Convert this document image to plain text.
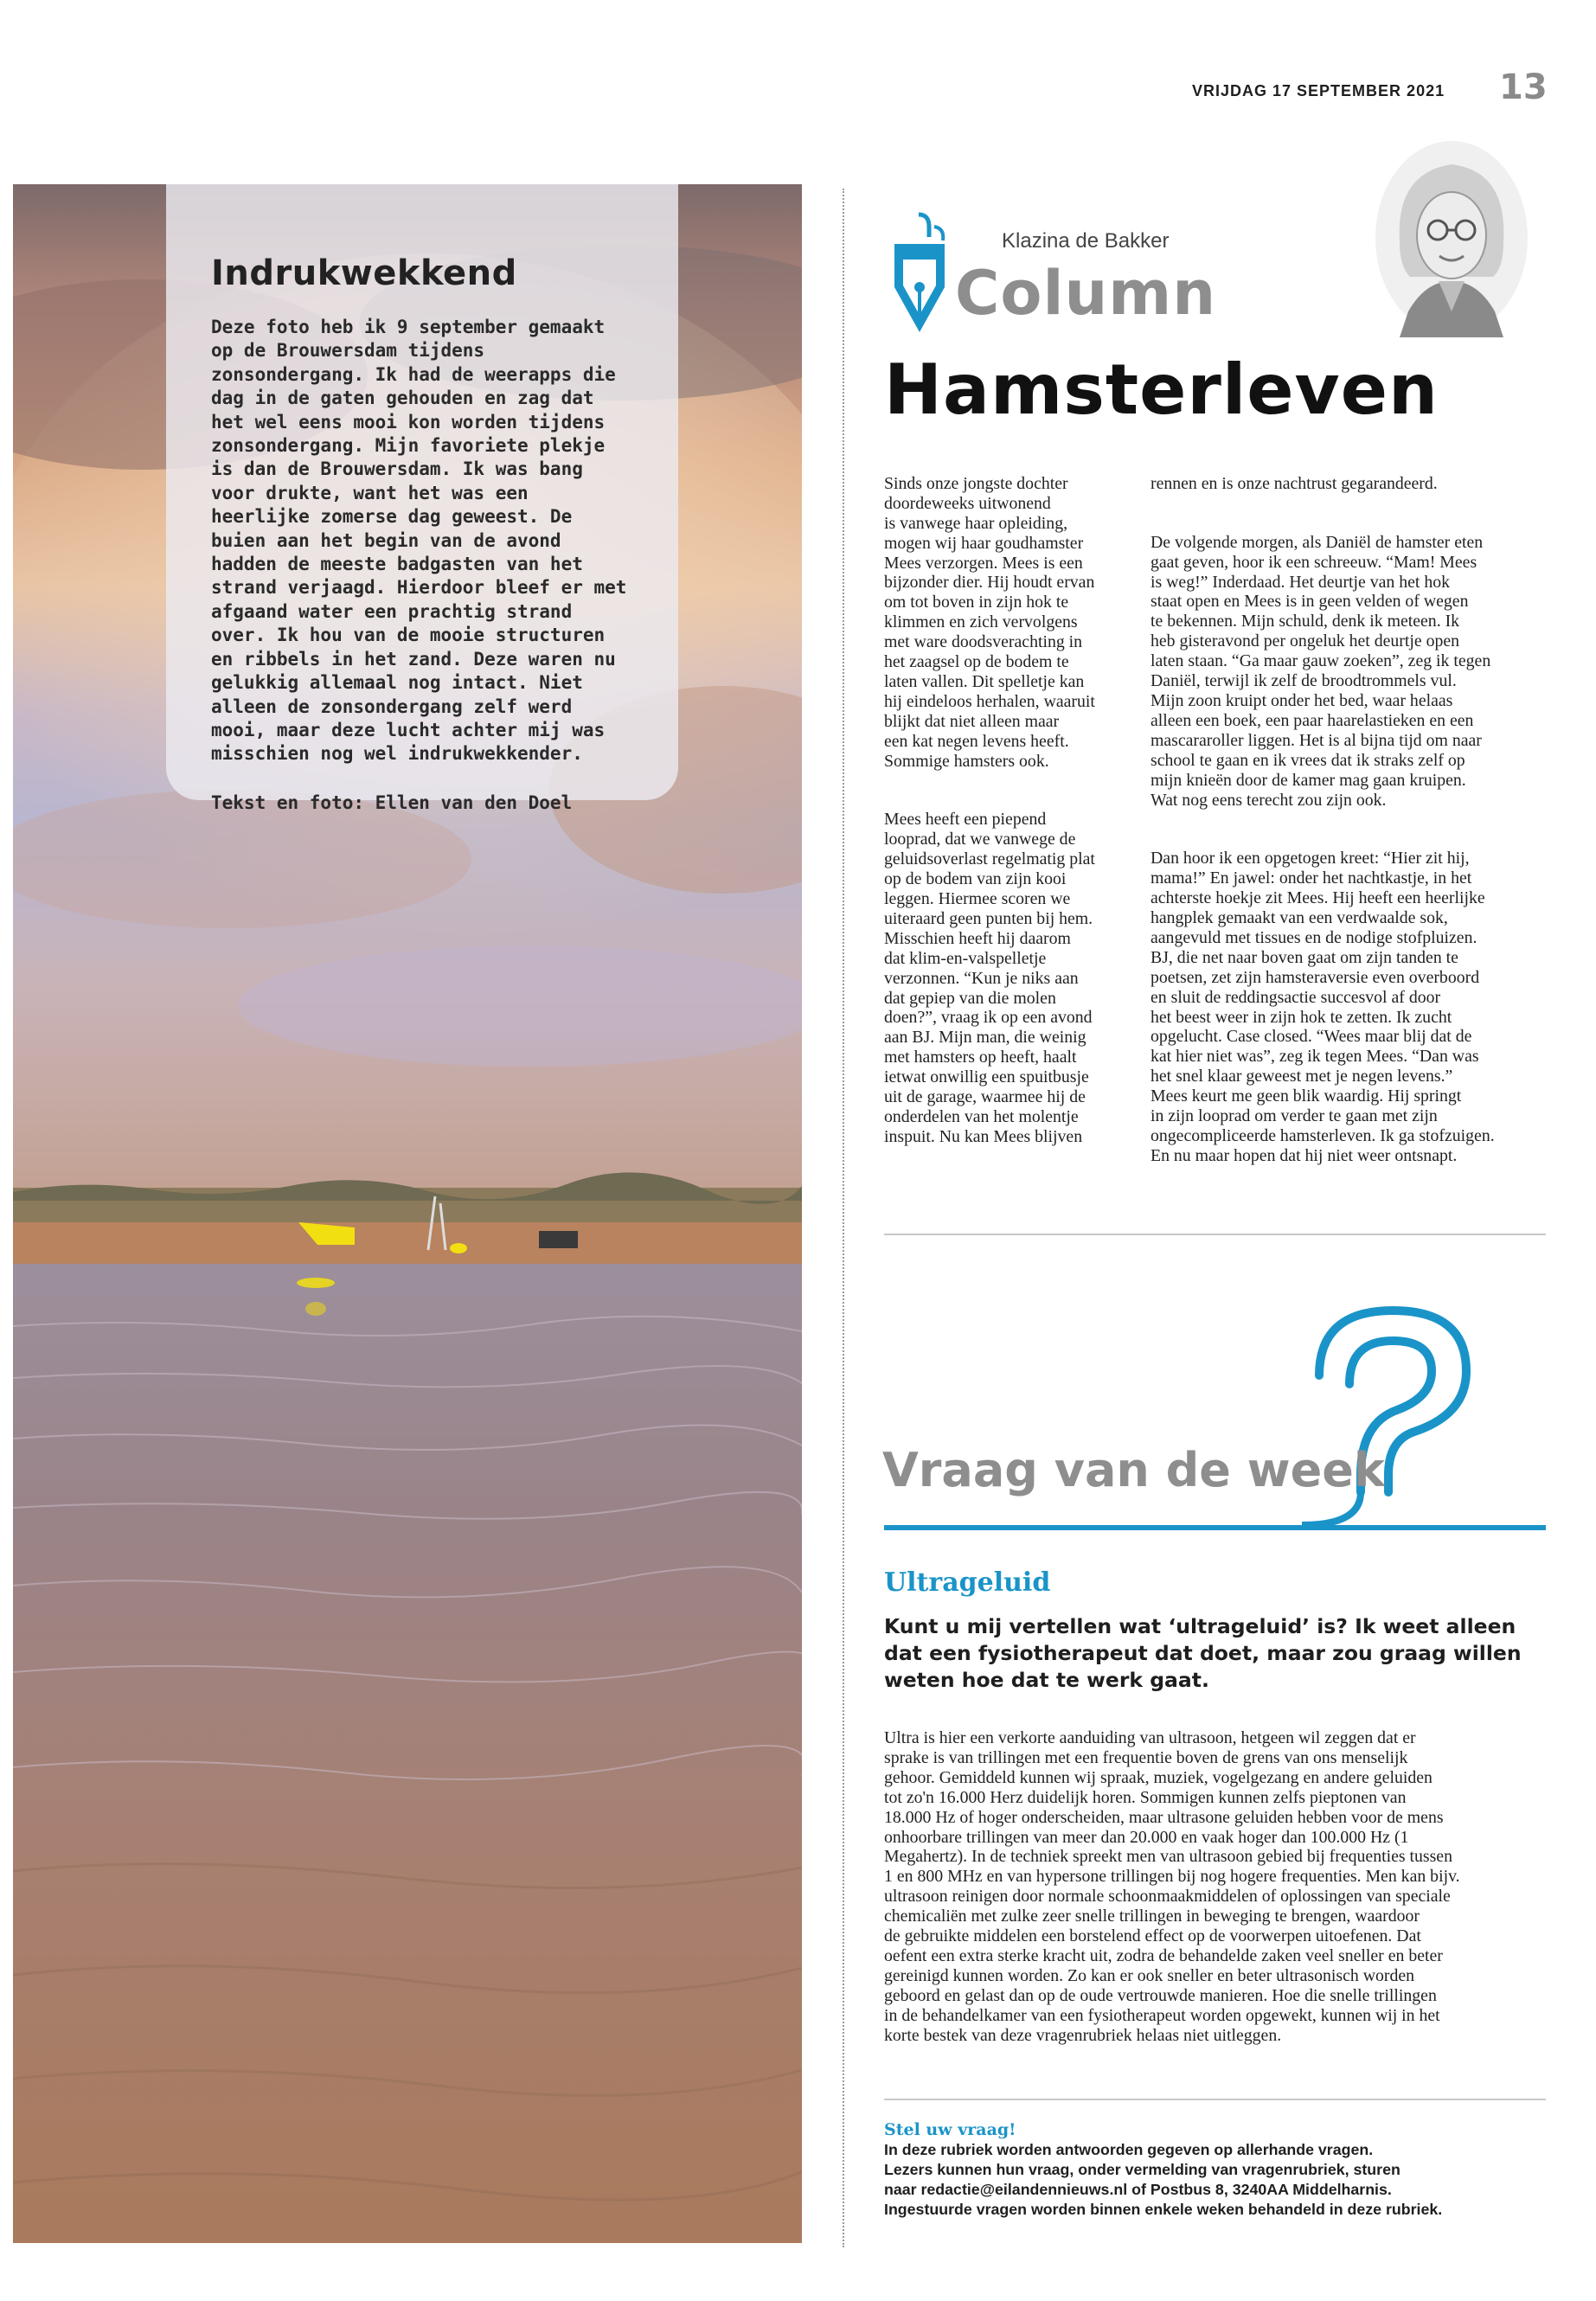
VRIJDAG 17 SEPTEMBER 2021 13
Indrukwekkend

Deze foto heb ik 9 september gemaakt op de Brouwersdam tijdens zonsondergang. Ik had de weerapps die dag in de gaten gehouden en zag dat het wel eens mooi kon worden tijdens zonsondergang. Mijn favoriete plekje is dan de Brouwersdam. Ik was bang voor drukte, want het was een heerlijke zomerse dag geweest. De buien aan het begin van de avond hadden de meeste badgasten van het strand verjaagd. Hierdoor bleef er met afgaand water een prachtig strand over. Ik hou van de mooie structuren en ribbels in het zand. Deze waren nu gelukkig allemaal nog intact. Niet alleen de zonsondergang zelf werd mooi, maar deze lucht achter mij was misschien nog wel indrukwekkender.

Tekst en foto: Ellen van den Doel

Klazina de Bakker
Column
Hamsterleven

Sinds onze jongste dochter
doordeweeks uitwonend
is vanwege haar opleiding,
mogen wij haar goudhamster
Mees verzorgen. Mees is een
bijzonder dier. Hij houdt ervan
om tot boven in zijn hok te
klimmen en zich vervolgens
met ware doodsverachting in
het zaagsel op de bodem te
laten vallen. Dit spelletje kan
hij eindeloos herhalen, waaruit
blijkt dat niet alleen maar
een kat negen levens heeft.
Sommige hamsters ook.

Mees heeft een piepend
looprad, dat we vanwege de
geluidsoverlast regelmatig plat
op de bodem van zijn kooi
leggen. Hiermee scoren we
uiteraard geen punten bij hem.
Misschien heeft hij daarom
dat klim-en-valspelletje
verzonnen. “Kun je niks aan
dat gepiep van die molen
doen?”, vraag ik op een avond
aan BJ. Mijn man, die weinig
met hamsters op heeft, haalt
ietwat onwillig een spuitbusje
uit de garage, waarmee hij de
onderdelen van het molentje
inspuit. Nu kan Mees blijven

rennen en is onze nachtrust gegarandeerd.

De volgende morgen, als Daniël de hamster eten
gaat geven, hoor ik een schreeuw. “Mam! Mees
is weg!” Inderdaad. Het deurtje van het hok
staat open en Mees is in geen velden of wegen
te bekennen. Mijn schuld, denk ik meteen. Ik
heb gisteravond per ongeluk het deurtje open
laten staan. “Ga maar gauw zoeken”, zeg ik tegen
Daniël, terwijl ik zelf de broodtrommels vul.
Mijn zoon kruipt onder het bed, waar helaas
alleen een boek, een paar haarelastieken en een
mascararoller liggen. Het is al bijna tijd om naar
school te gaan en ik vrees dat ik straks zelf op
mijn knieën door de kamer mag gaan kruipen.
Wat nog eens terecht zou zijn ook.

Dan hoor ik een opgetogen kreet: “Hier zit hij,
mama!” En jawel: onder het nachtkastje, in het
achterste hoekje zit Mees. Hij heeft een heerlijke
hangplek gemaakt van een verdwaalde sok,
aangevuld met tissues en de nodige stofpluizen.
BJ, die net naar boven gaat om zijn tanden te
poetsen, zet zijn hamsteraversie even overboord
en sluit de reddingsactie succesvol af door
het beest weer in zijn hok te zetten. Ik zucht
opgelucht. Case closed. “Wees maar blij dat de
kat hier niet was”, zeg ik tegen Mees. “Dan was
het snel klaar geweest met je negen levens.”
Mees keurt me geen blik waardig. Hij springt
in zijn looprad om verder te gaan met zijn
ongecompliceerde hamsterleven. Ik ga stofzuigen.
En nu maar hopen dat hij niet weer ontsnapt.

Vraag van de week
Ultrageluid

Kunt u mij vertellen wat ‘ultrageluid’ is? Ik weet alleen dat een fysiotherapeut dat doet, maar zou graag willen weten hoe dat te werk gaat.

Ultra is hier een verkorte aanduiding van ultrasoon, hetgeen wil zeggen dat er
sprake is van trillingen met een frequentie boven de grens van ons menselijk
gehoor. Gemiddeld kunnen wij spraak, muziek, vogelgezang en andere geluiden
tot zo'n 16.000 Herz duidelijk horen. Sommigen kunnen zelfs pieptonen van
18.000 Hz of hoger onderscheiden, maar ultrasone geluiden hebben voor de mens
onhoorbare trillingen van meer dan 20.000 en vaak hoger dan 100.000 Hz (1
Megahertz). In de techniek spreekt men van ultrasoon gebied bij frequenties tussen
1 en 800 MHz en van hypersone trillingen bij nog hogere frequenties. Men kan bijv.
ultrasoon reinigen door normale schoonmaakmiddelen of oplossingen van speciale
chemicaliën met zulke zeer snelle trillingen in beweging te brengen, waardoor
de gebruikte middelen een borstelend effect op de voorwerpen uitoefenen. Dat
oefent een extra sterke kracht uit, zodra de behandelde zaken veel sneller en beter
gereinigd kunnen worden. Zo kan er ook sneller en beter ultrasonisch worden
geboord en gelast dan op de oude vertrouwde manieren. Hoe die snelle trillingen
in de behandelkamer van een fysiotherapeut worden opgewekt, kunnen wij in het
korte bestek van deze vragenrubriek helaas niet uitleggen.

Stel uw vraag!

In deze rubriek worden antwoorden gegeven op allerhande vragen.
Lezers kunnen hun vraag, onder vermelding van vragenrubriek, sturen
naar redactie@eilandennieuws.nl of Postbus 8, 3240AA Middelharnis.
Ingestuurde vragen worden binnen enkele weken behandeld in deze rubriek.
